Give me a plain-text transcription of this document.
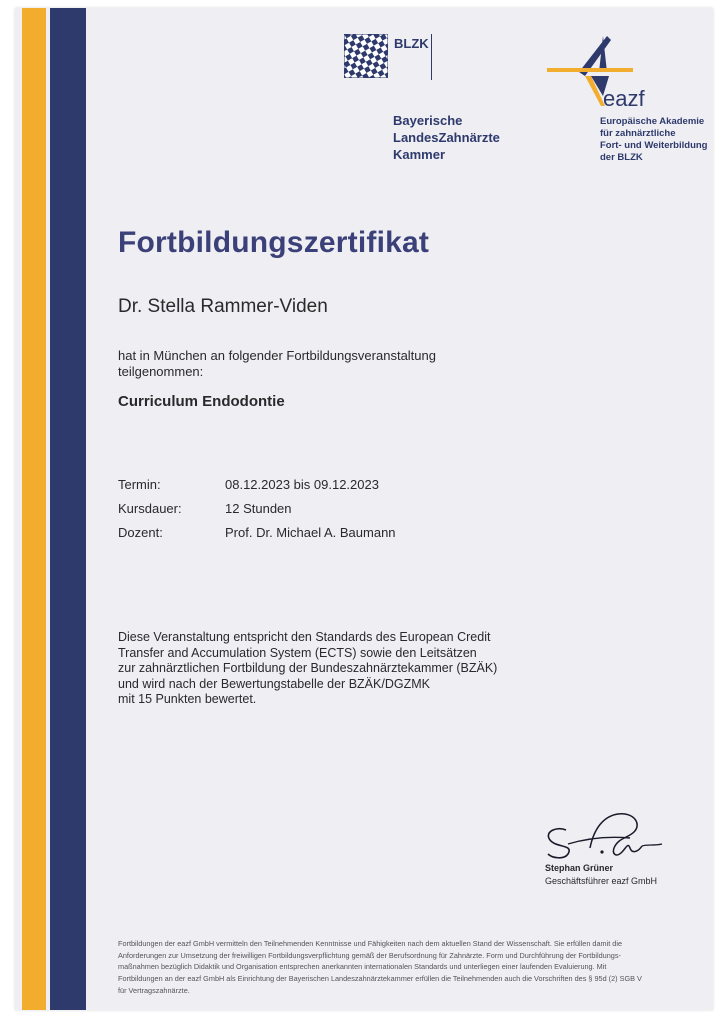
BLZK
Bayerische
LandesZahnärzte
Kammer
eazf
Europäische Akademie
für zahnärztliche
Fort- und Weiterbildung
der BLZK
Fortbildungszertifikat
Dr. Stella Rammer-Viden
hat in München an folgender Fortbildungsveranstaltung
teilgenommen:
Curriculum Endodontie
Termin:	08.12.2023 bis 09.12.2023
Kursdauer:	12 Stunden
Dozent:	Prof. Dr. Michael A. Baumann
Diese Veranstaltung entspricht den Standards des European Credit
Transfer and Accumulation System (ECTS) sowie den Leitsätzen
zur zahnärztlichen Fortbildung der Bundeszahnärztekammer (BZÄK)
und wird nach der Bewertungstabelle der BZÄK/DGZMK
mit 15 Punkten bewertet.
Stephan Grüner
Geschäftsführer eazf GmbH
Fortbildungen der eazf GmbH vermitteln den Teilnehmenden Kenntnisse und Fähigkeiten nach dem aktuellen Stand der Wissenschaft. Sie erfüllen damit die
Anforderungen zur Umsetzung der freiwilligen Fortbildungsverpflichtung gemäß der Berufsordnung für Zahnärzte. Form und Durchführung der Fortbildungs-
maßnahmen bezüglich Didaktik und Organisation entsprechen anerkannten internationalen Standards und unterliegen einer laufenden Evaluierung. Mit
Fortbildungen an der eazf GmbH als Einrichtung der Bayerischen Landeszahnärztekammer erfüllen die Teilnehmenden auch die Vorschriften des § 95d (2) SGB V
für Vertragszahnärzte.
